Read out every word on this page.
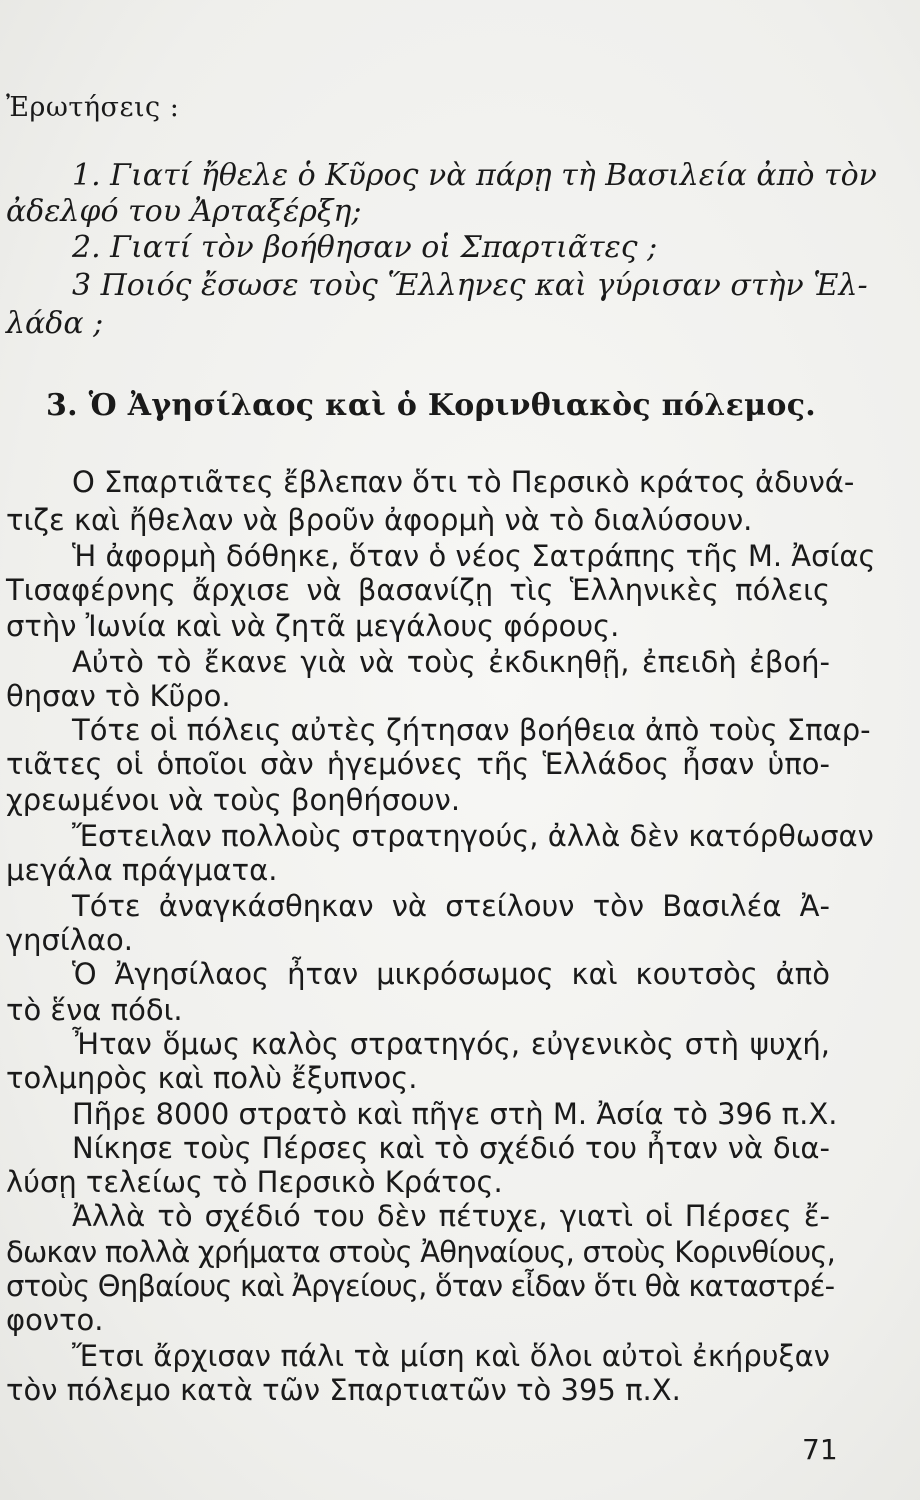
Ἐρωτήσεις :
1. Γιατί ἤθελε ὁ Κῦρος νὰ πάρῃ τὴ Βασιλεία ἀπὸ τὸν
ἀδελφό του Ἀρταξέρξη;
2. Γιατί τὸν βοήθησαν οἱ Σπαρτιᾶτες ;
3 Ποιός ἔσωσε τοὺς Ἕλληνες καὶ γύρισαν στὴν Ἑλ-
λάδα ;
3. Ὁ Ἀγησίλαος καὶ ὁ Κορινθιακὸς πόλεμος.
Ο Σπαρτιᾶτες ἔβλεπαν ὅτι τὸ Περσικὸ κράτος ἀδυνά-
τιζε καὶ ἤθελαν νὰ βροῦν ἀφορμὴ νὰ τὸ διαλύσουν.
Ἡ ἀφορμὴ δόθηκε, ὅταν ὁ νέος Σατράπης τῆς Μ. Ἀσίας
Τισαφέρνης ἄρχισε νὰ βασανίζῃ τὶς Ἑλληνικὲς πόλεις
στὴν Ἰωνία καὶ νὰ ζητᾶ μεγάλους φόρους.
Αὐτὸ τὸ ἔκανε γιὰ νὰ τοὺς ἐκδικηθῇ, ἐπειδὴ ἐβοή-
θησαν τὸ Κῦρο.
Τότε οἱ πόλεις αὐτὲς ζήτησαν βοήθεια ἀπὸ τοὺς Σπαρ-
τιᾶτες οἱ ὁποῖοι σὰν ἡγεμόνες τῆς Ἑλλάδος ἦσαν ὑπο-
χρεωμένοι νὰ τοὺς βοηθήσουν.
Ἔστειλαν πολλοὺς στρατηγούς, ἀλλὰ δὲν κατόρθωσαν
μεγάλα πράγματα.
Τότε ἀναγκάσθηκαν νὰ στείλουν τὸν Βασιλέα Ἀ-
γησίλαο.
Ὁ Ἀγησίλαος ἦταν μικρόσωμος καὶ κουτσὸς ἀπὸ
τὸ ἕνα πόδι.
Ἦταν ὅμως καλὸς στρατηγός, εὐγενικὸς στὴ ψυχή,
τολμηρὸς καὶ πολὺ ἔξυπνος.
Πῆρε 8000 στρατὸ καὶ πῆγε στὴ Μ. Ἀσία τὸ 396 π.Χ.
Νίκησε τοὺς Πέρσες καὶ τὸ σχέδιό του ἦταν νὰ δια-
λύσῃ τελείως τὸ Περσικὸ Κράτος.
Ἀλλὰ τὸ σχέδιό του δὲν πέτυχε, γιατὶ οἱ Πέρσες ἔ-
δωκαν πολλὰ χρήματα στοὺς Ἀθηναίους, στοὺς Κορινθίους,
στοὺς Θηβαίους καὶ Ἀργείους, ὅταν εἶδαν ὅτι θὰ καταστρέ-
φοντο.
Ἔτσι ἄρχισαν πάλι τὰ μίση καὶ ὅλοι αὐτοὶ ἐκήρυξαν
τὸν πόλεμο κατὰ τῶν Σπαρτιατῶν τὸ 395 π.Χ.
71
